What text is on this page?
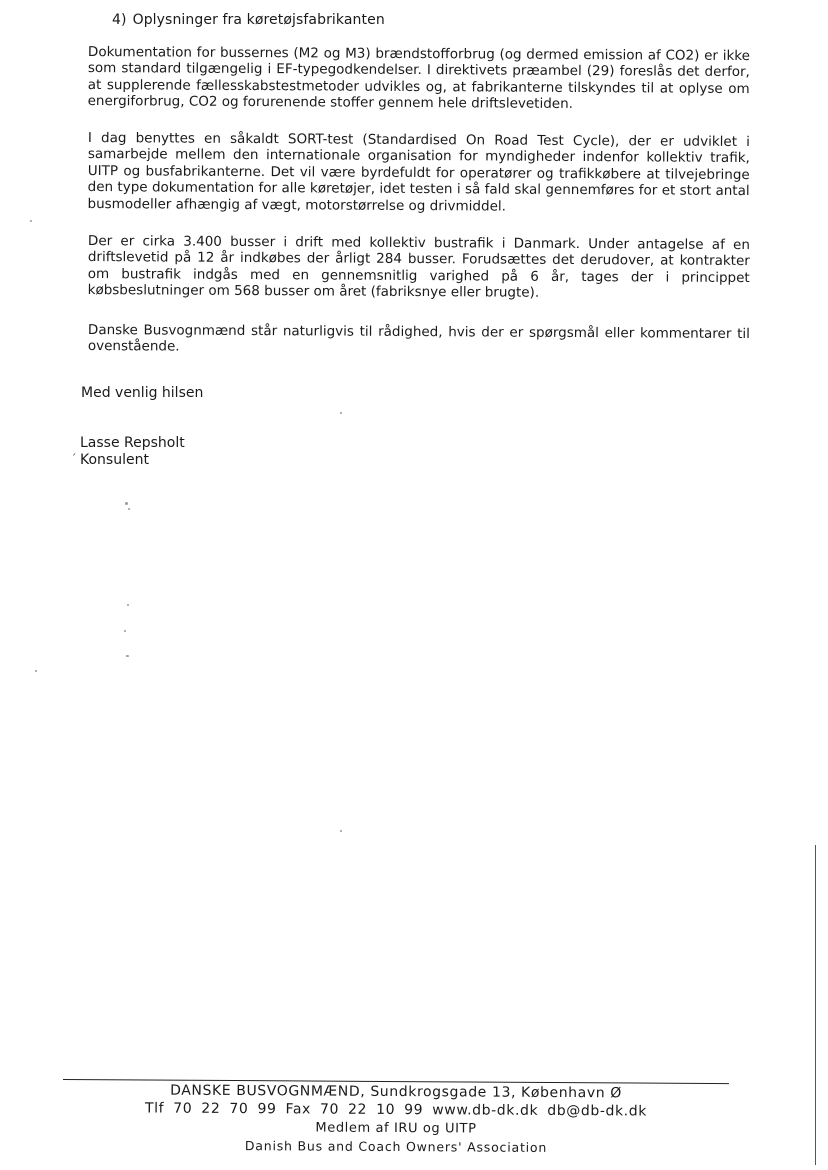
4) Oplysninger fra køretøjsfabrikanten

Dokumentation for bussernes (M2 og M3) brændstofforbrug (og dermed emission af CO2) er ikke som standard tilgængelig i EF-typegodkendelser. I direktivets præambel (29) foreslås det derfor, at supplerende fællesskabstestmetoder udvikles og, at fabrikanterne tilskyndes til at oplyse om energiforbrug, CO2 og forurenende stoffer gennem hele driftslevetiden.

I dag benyttes en såkaldt SORT-test (Standardised On Road Test Cycle), der er udviklet i samarbejde mellem den internationale organisation for myndigheder indenfor kollektiv trafik, UITP og busfabrikanterne. Det vil være byrdefuldt for operatører og trafikkøbere at tilvejebringe den type dokumentation for alle køretøjer, idet testen i så fald skal gennemføres for et stort antal busmodeller afhængig af vægt, motorstørrelse og drivmiddel.

Der er cirka 3.400 busser i drift med kollektiv bustrafik i Danmark. Under antagelse af en driftslevetid på 12 år indkøbes der årligt 284 busser. Forudsættes det derudover, at kontrakter om bustrafik indgås med en gennemsnitlig varighed på 6 år, tages der i princippet købsbeslutninger om 568 busser om året (fabriksnye eller brugte).

Danske Busvognmænd står naturligvis til rådighed, hvis der er spørgsmål eller kommentarer til ovenstående.

Med venlig hilsen
´
Lasse Repsholt
Konsulent
DANSKE BUSVOGNMÆND, Sundkrogsgade 13, København Ø
Tlf 70 22 70 99 Fax 70 22 10 99 www.db-dk.dk db@db-dk.dk
Medlem af IRU og UITP
Danish Bus and Coach Owners' Association
